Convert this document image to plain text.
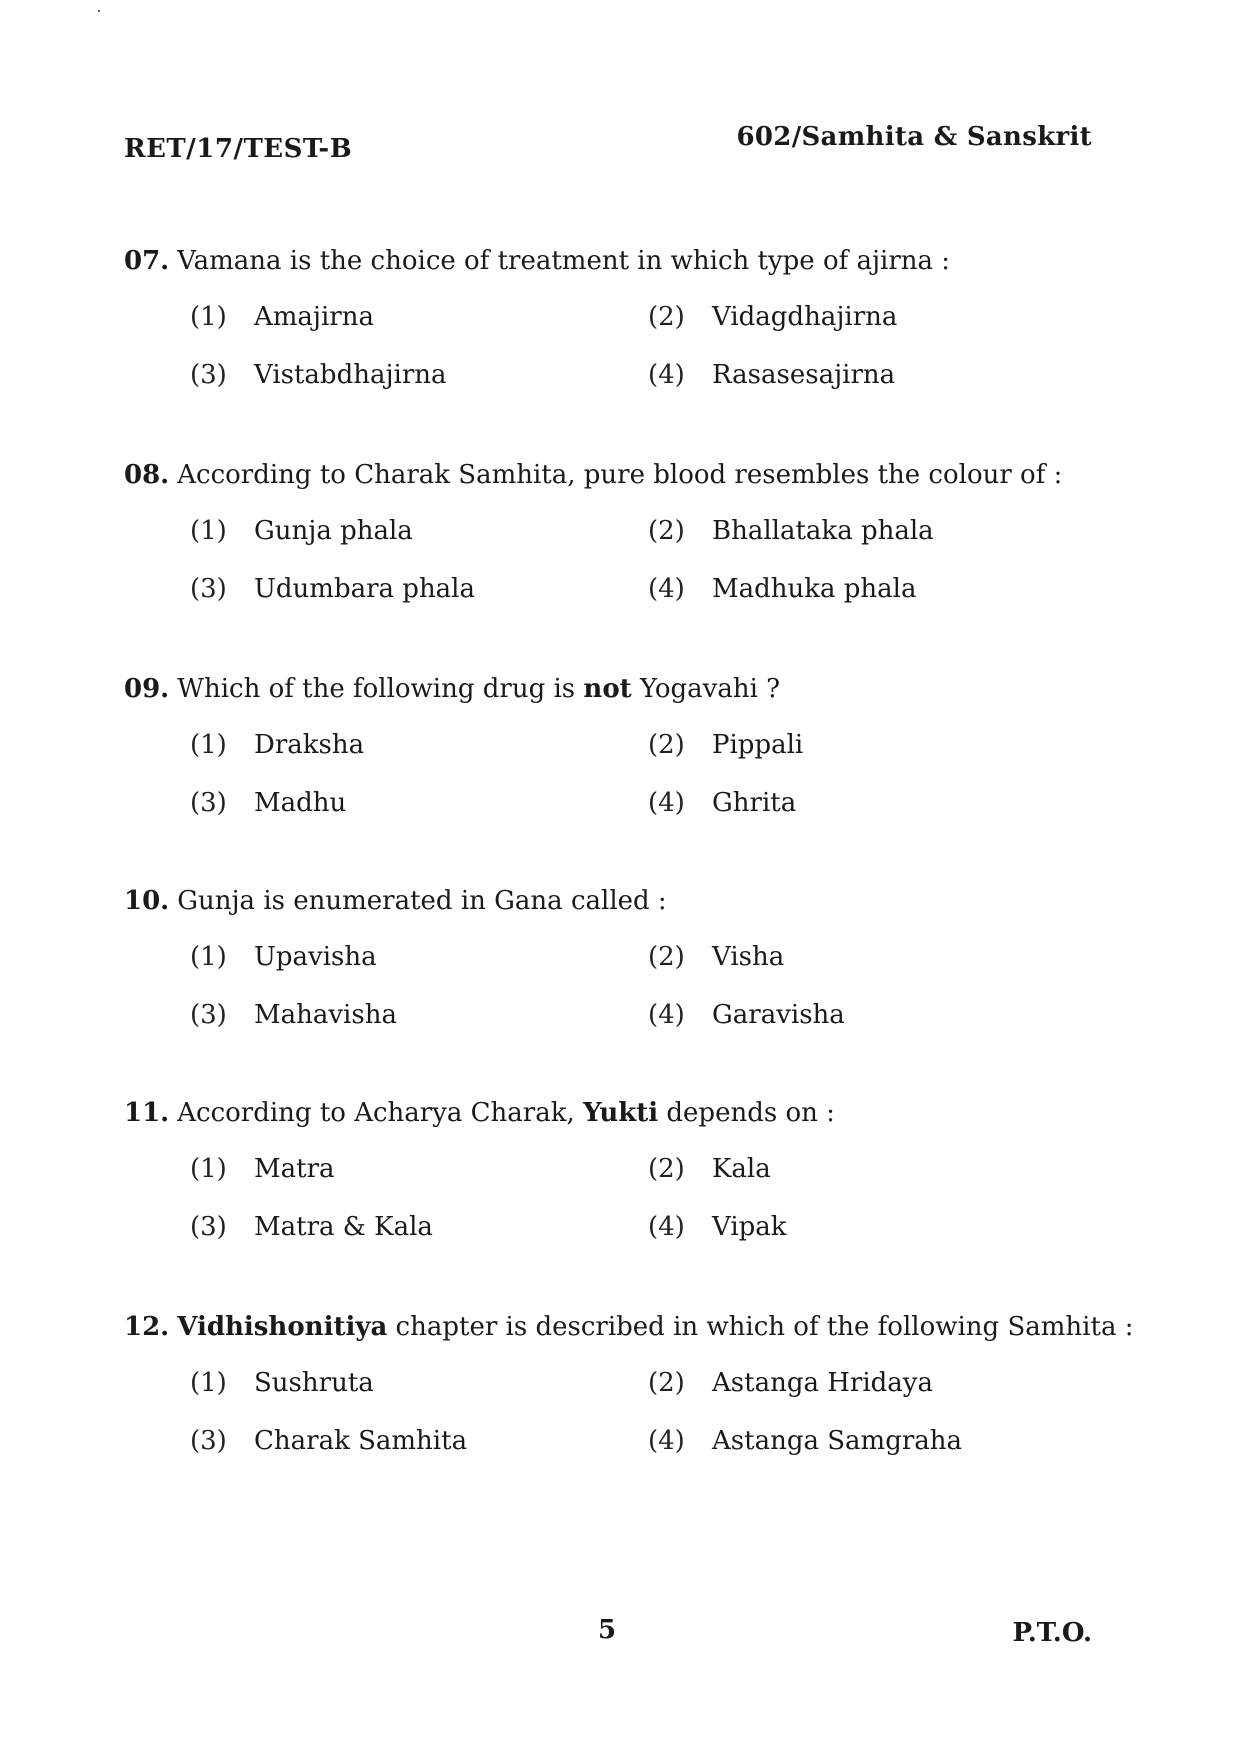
RET/17/TEST-B	602/Samhita & Sanskrit
07. Vamana is the choice of treatment in which type of ajirna :
(1) Amajirna	(2) Vidagdhajirna
(3) Vistabdhajirna	(4) Rasasesajirna
08. According to Charak Samhita, pure blood resembles the colour of :
(1) Gunja phala	(2) Bhallataka phala
(3) Udumbara phala	(4) Madhuka phala
09. Which of the following drug is not Yogavahi ?
(1) Draksha	(2) Pippali
(3) Madhu	(4) Ghrita
10. Gunja is enumerated in Gana called :
(1) Upavisha	(2) Visha
(3) Mahavisha	(4) Garavisha
11. According to Acharya Charak, Yukti depends on :
(1) Matra	(2) Kala
(3) Matra & Kala	(4) Vipak
12. Vidhishonitiya chapter is described in which of the following Samhita :
(1) Sushruta	(2) Astanga Hridaya
(3) Charak Samhita	(4) Astanga Samgraha
5	P.T.O.
